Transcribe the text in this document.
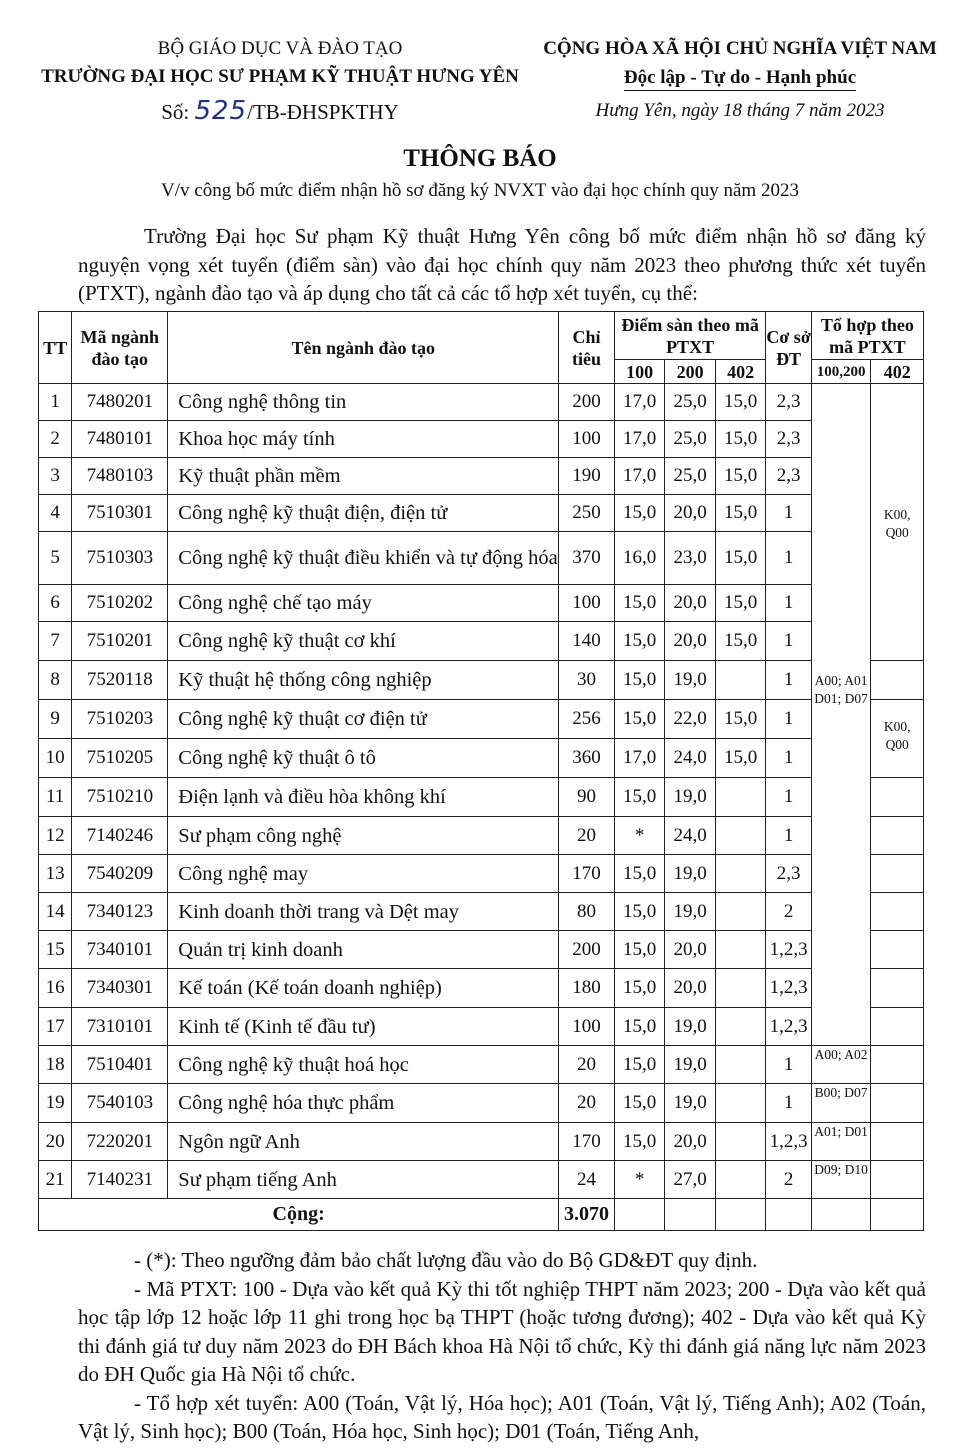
BỘ GIÁO DỤC VÀ ĐÀO TẠO
TRƯỜNG ĐẠI HỌC SƯ PHẠM KỸ THUẬT HƯNG YÊN
Số: 525/TB-ĐHSPKTHY
CỘNG HÒA XÃ HỘI CHỦ NGHĨA VIỆT NAM
Độc lập - Tự do - Hạnh phúc
Hưng Yên, ngày 18 tháng 7 năm 2023
THÔNG BÁO
V/v công bố mức điểm nhận hồ sơ đăng ký NVXT vào đại học chính quy năm 2023
Trường Đại học Sư phạm Kỹ thuật Hưng Yên công bố mức điểm nhận hồ sơ đăng ký nguyện vọng xét tuyển (điểm sàn) vào đại học chính quy năm 2023 theo phương thức xét tuyển (PTXT), ngành đào tạo và áp dụng cho tất cả các tổ hợp xét tuyển, cụ thể:
TT	Mã ngành đào tạo	Tên ngành đào tạo	Chỉ tiêu	Điểm sàn theo mã PTXT			Cơ sở ĐT	Tổ hợp theo mã PTXT	
				100	200	402		100,200	402
1	7480201	Công nghệ thông tin	200	17,0	25,0	15,0	2,3	A00; A01 D01; D07	K00, Q00

2	7480101	Khoa học máy tính	100	17,0	25,0	15,0	2,3		
3	7480103	Kỹ thuật phần mềm	190	17,0	25,0	15,0	2,3		
4	7510301	Công nghệ kỹ thuật điện, điện tử	250	15,0	20,0	15,0	1		
5	7510303	Công nghệ kỹ thuật điều khiển và tự động hóa	370	16,0	23,0	15,0	1		
6	7510202	Công nghệ chế tạo máy	100	15,0	20,0	15,0	1		
7	7510201	Công nghệ kỹ thuật cơ khí	140	15,0	20,0	15,0	1		
8	7520118	Kỹ thuật hệ thống công nghiệp	30	15,0	19,0		1		
9	7510203	Công nghệ kỹ thuật cơ điện tử	256	15,0	22,0	15,0	1		K00, Q00

10	7510205	Công nghệ kỹ thuật ô tô	360	17,0	24,0	15,0	1		
11	7510210	Điện lạnh và điều hòa không khí	90	15,0	19,0		1		
12	7140246	Sư phạm công nghệ	20	*	24,0		1		
13	7540209	Công nghệ may	170	15,0	19,0		2,3		
14	7340123	Kinh doanh thời trang và Dệt may	80	15,0	19,0		2		
15	7340101	Quản trị kinh doanh	200	15,0	20,0		1,2,3		
16	7340301	Kế toán (Kế toán doanh nghiệp)	180	15,0	20,0		1,2,3		
17	7310101	Kinh tế (Kinh tế đầu tư)	100	15,0	19,0		1,2,3		
18	7510401	Công nghệ kỹ thuật hoá học	20	15,0	19,0		1	A00; A02	

19	7540103	Công nghệ hóa thực phẩm	20	15,0	19,0		1	B00; D07	

20	7220201	Ngôn ngữ Anh	170	15,0	20,0		1,2,3	A01; D01	

21	7140231	Sư phạm tiếng Anh	24	*	27,0		2	D09; D10	

Cộng:			3.070						

- (*): Theo ngưỡng đảm bảo chất lượng đầu vào do Bộ GD&ĐT quy định.

- Mã PTXT: 100 - Dựa vào kết quả Kỳ thi tốt nghiệp THPT năm 2023; 200 - Dựa vào kết quả học tập lớp 12 hoặc lớp 11 ghi trong học bạ THPT (hoặc tương đương); 402 - Dựa vào kết quả Kỳ thi đánh giá tư duy năm 2023 do ĐH Bách khoa Hà Nội tổ chức, Kỳ thi đánh giá năng lực năm 2023 do ĐH Quốc gia Hà Nội tổ chức.

- Tổ hợp xét tuyển: A00 (Toán, Vật lý, Hóa học); A01 (Toán, Vật lý, Tiếng Anh); A02 (Toán, Vật lý, Sinh học); B00 (Toán, Hóa học, Sinh học); D01 (Toán, Tiếng Anh,
